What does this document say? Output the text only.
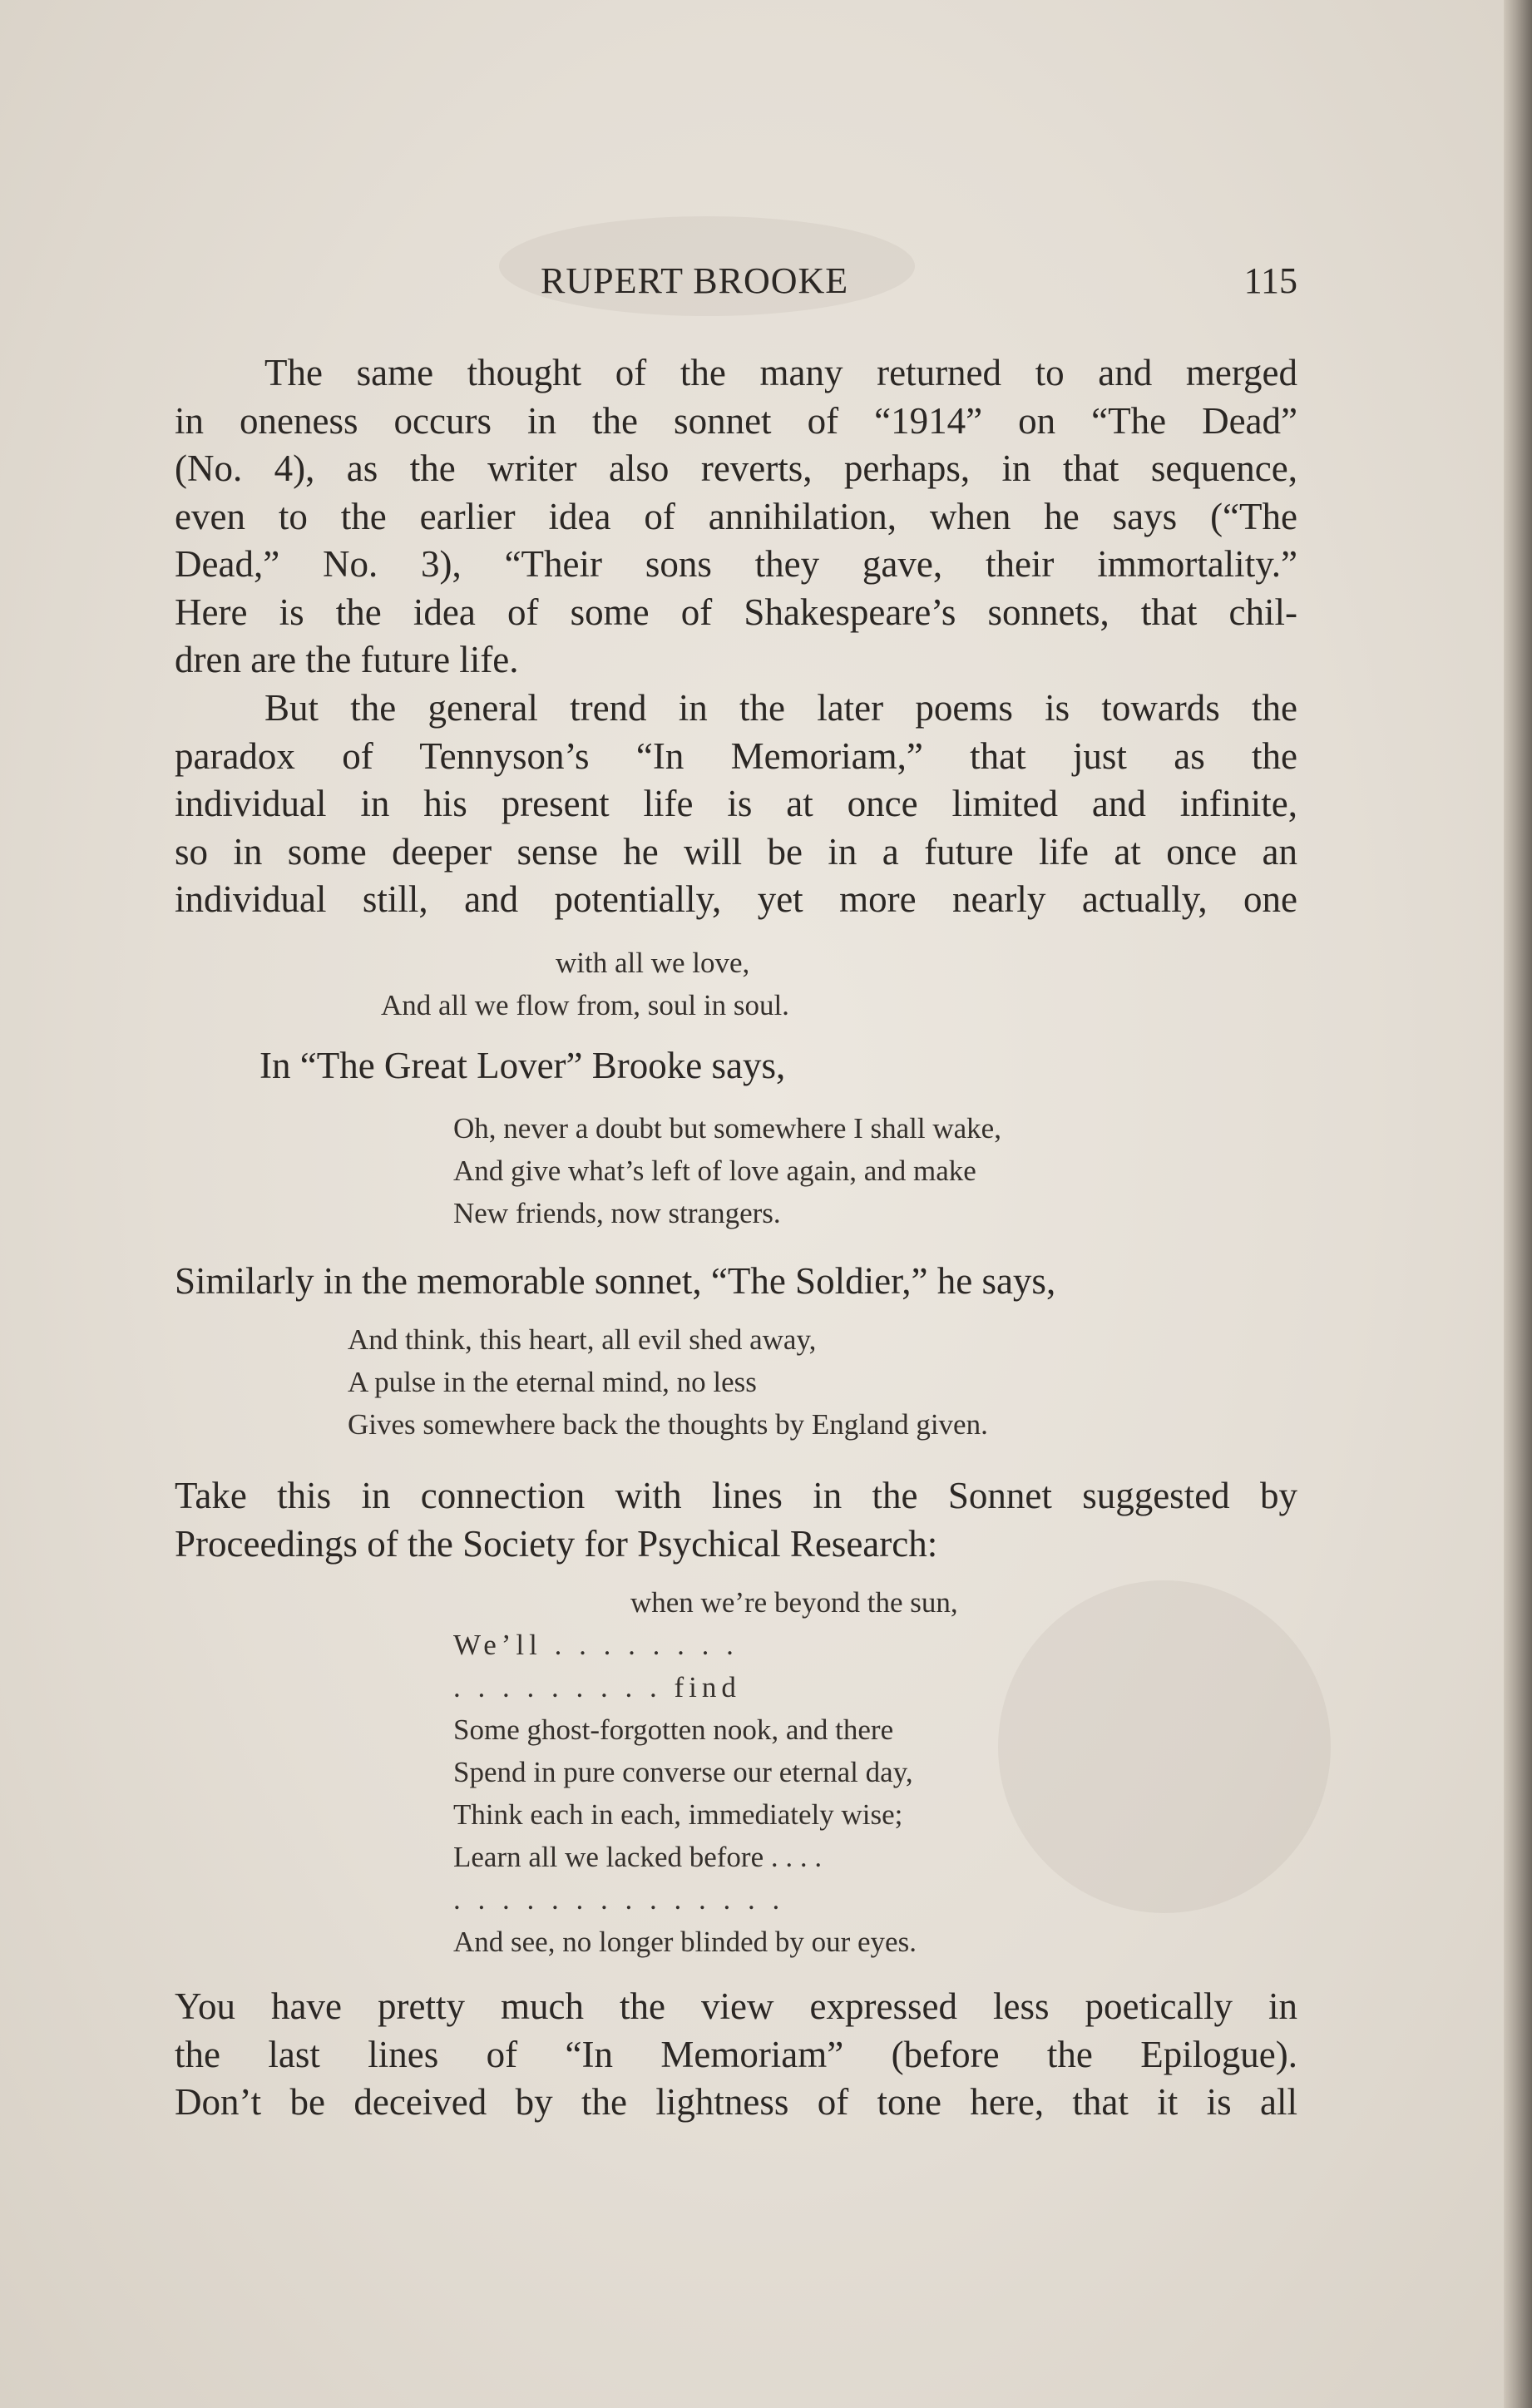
RUPERT BROOKE	115

The same thought of the many returned to and merged
in oneness occurs in the sonnet of “1914” on “The Dead”
(No. 4), as the writer also reverts, perhaps, in that sequence,
even to the earlier idea of annihilation, when he says (“The
Dead,” No. 3), “Their sons they gave, their immortality.”
Here is the idea of some of Shakespeare’s sonnets, that chil-
dren are the future life.

But the general trend in the later poems is towards the
paradox of Tennyson’s “In Memoriam,” that just as the
individual in his present life is at once limited and infinite,
so in some deeper sense he will be in a future life at once an
individual still, and potentially, yet more nearly actually, one

with all we love,
And all we flow from, soul in soul.

In “The Great Lover” Brooke says,

Oh, never a doubt but somewhere I shall wake,
And give what’s left of love again, and make
New friends, now strangers.

Similarly in the memorable sonnet, “The Soldier,” he says,

And think, this heart, all evil shed away,
A pulse in the eternal mind, no less
Gives somewhere back the thoughts by England given.

Take this in connection with lines in the Sonnet suggested by
Proceedings of the Society for Psychical Research:

when we’re beyond the sun,
We’ll . . . . . . . .
. . . . . . . . . find
Some ghost-forgotten nook, and there
Spend in pure converse our eternal day,
Think each in each, immediately wise;
Learn all we lacked before . . . .
. . . . . . . . . . . . . .
And see, no longer blinded by our eyes.

You have pretty much the view expressed less poetically in
the last lines of “In Memoriam” (before the Epilogue).
Don’t be deceived by the lightness of tone here, that it is all
